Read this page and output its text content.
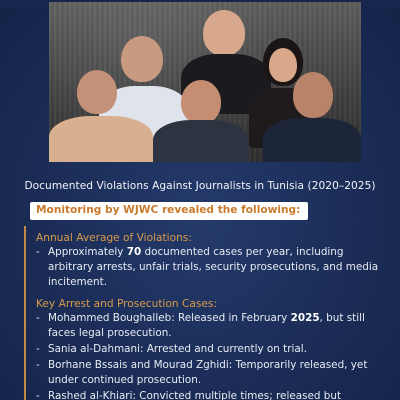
Documented Violations Against Journalists in Tunisia (2020–2025)
Monitoring by WJWC revealed the following:
Annual Average of Violations:
- Approximately 70 documented cases per year, including arbitrary arrests, unfair trials, security prosecutions, and media incitement.
Key Arrest and Prosecution Cases:
- Mohammed Boughalleb: Released in February 2025, but still faces legal prosecution.
- Sania al-Dahmani: Arrested and currently on trial.
- Borhane Bssais and Mourad Zghidi: Temporarily released, yet under continued prosecution.
- Rashed al-Khiari: Convicted multiple times; released but
